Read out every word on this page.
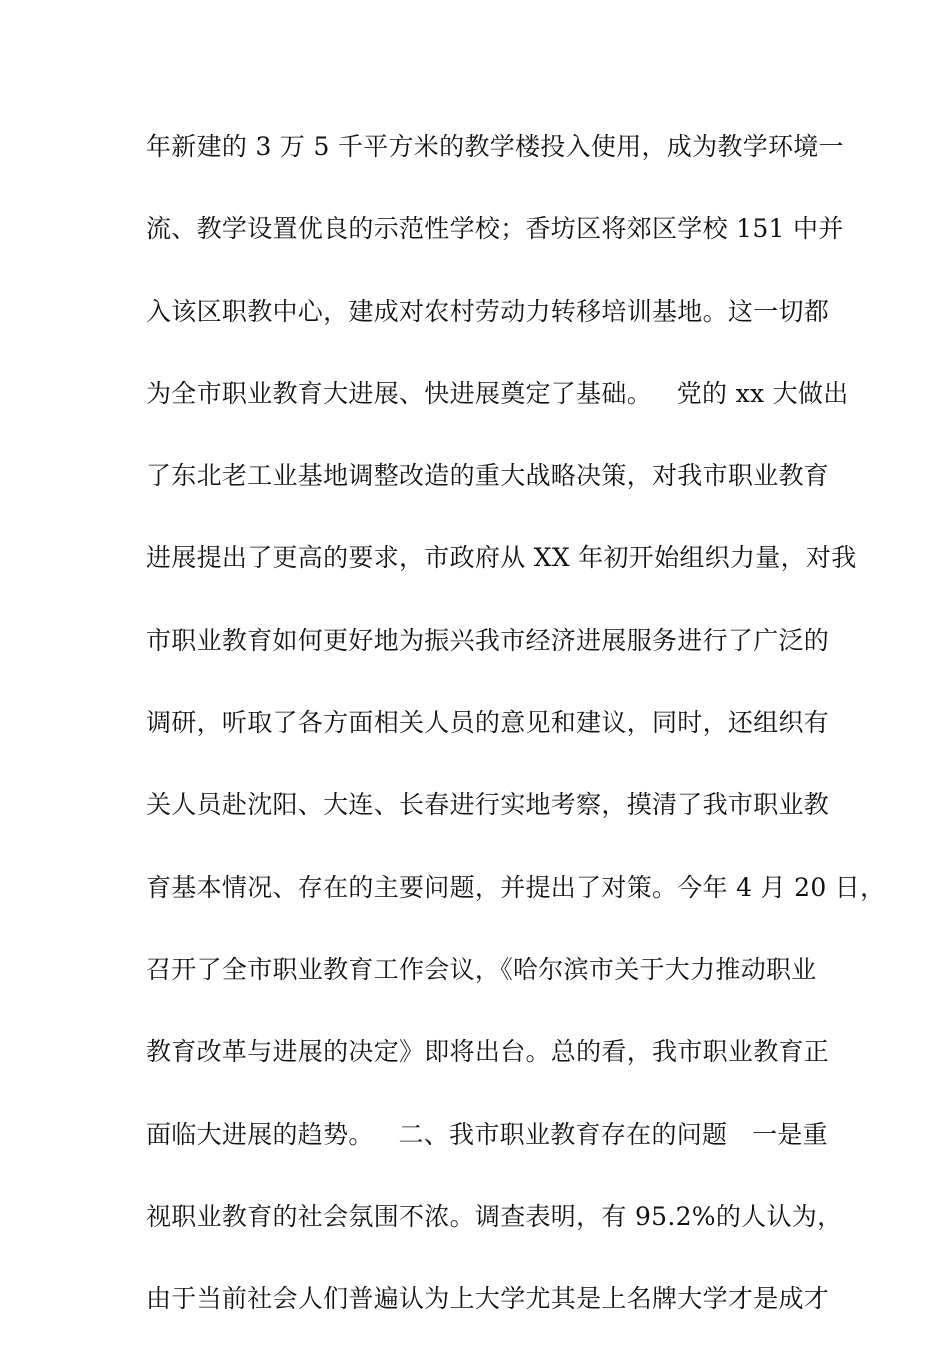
年新建的 3 万 5 千平方米的教学楼投入使用，成为教学环境一
流、教学设置优良的示范性学校；香坊区将郊区学校 151 中并
入该区职教中心，建成对农村劳动力转移培训基地。这一切都
为全市职业教育大进展、快进展奠定了基础。   党的 xx 大做出
了东北老工业基地调整改造的重大战略决策，对我市职业教育
进展提出了更高的要求，市政府从 XX 年初开始组织力量，对我
市职业教育如何更好地为振兴我市经济进展服务进行了广泛的
调研，听取了各方面相关人员的意见和建议，同时，还组织有
关人员赴沈阳、大连、长春进行实地考察，摸清了我市职业教
育基本情况、存在的主要问题，并提出了对策。今年 4 月 20 日，
召开了全市职业教育工作会议，《哈尔滨市关于大力推动职业
教育改革与进展的决定》即将出台。总的看，我市职业教育正
面临大进展的趋势。   二、我市职业教育存在的问题   一是重
视职业教育的社会氛围不浓。调查表明，有 95.2%的人认为，
由于当前社会人们普遍认为上大学尤其是上名牌大学才是成才
